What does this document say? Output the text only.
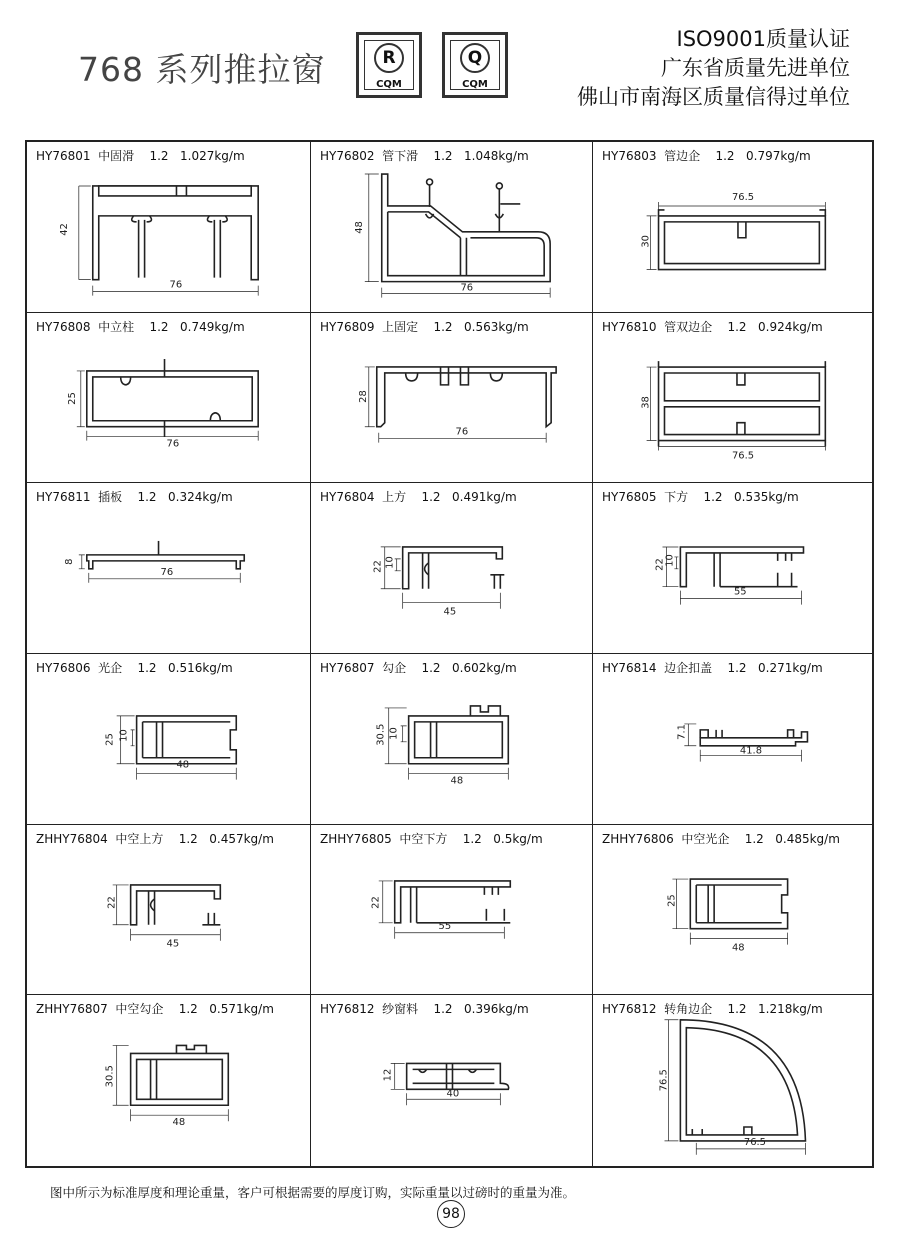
768 系列推拉窗	R
CQM
Q
CQM
ISO9001质量认证
广东省质量先进单位
佛山市南海区质量信得过单位
HY76801 中固滑 1.2 1.027kg/m
42
76
HY76802 管下滑 1.2 1.048kg/m
48
76
HY76803 管边企 1.2 0.797kg/m
30
76.5
HY76808 中立柱 1.2 0.749kg/m
25
76
HY76809 上固定 1.2 0.563kg/m
28
76
HY76810 管双边企 1.2 0.924kg/m
38
76.5
HY76811 插板 1.2 0.324kg/m
8
76
HY76804 上方 1.2 0.491kg/m
22 10
45
HY76805 下方 1.2 0.535kg/m
22
10
55
HY76806 光企 1.2 0.516kg/m
25 10
48
HY76807 勾企 1.2 0.602kg/m
30.5 10
48
HY76814 边企扣盖 1.2 0.271kg/m
7.1
41.8
ZHHY76804 中空上方 1.2 0.457kg/m
22
45
ZHHY76805 中空下方 1.2 0.5kg/m
22
55
ZHHY76806 中空光企 1.2 0.485kg/m
25
48
ZHHY76807 中空勾企 1.2 0.571kg/m
30.5
48
HY76812 纱窗料 1.2 0.396kg/m
12
40
HY76812 转角边企 1.2 1.218kg/m
76.5
76.5
图中所示为标准厚度和理论重量，客户可根据需要的厚度订购，实际重量以过磅时的重量为准。
98
